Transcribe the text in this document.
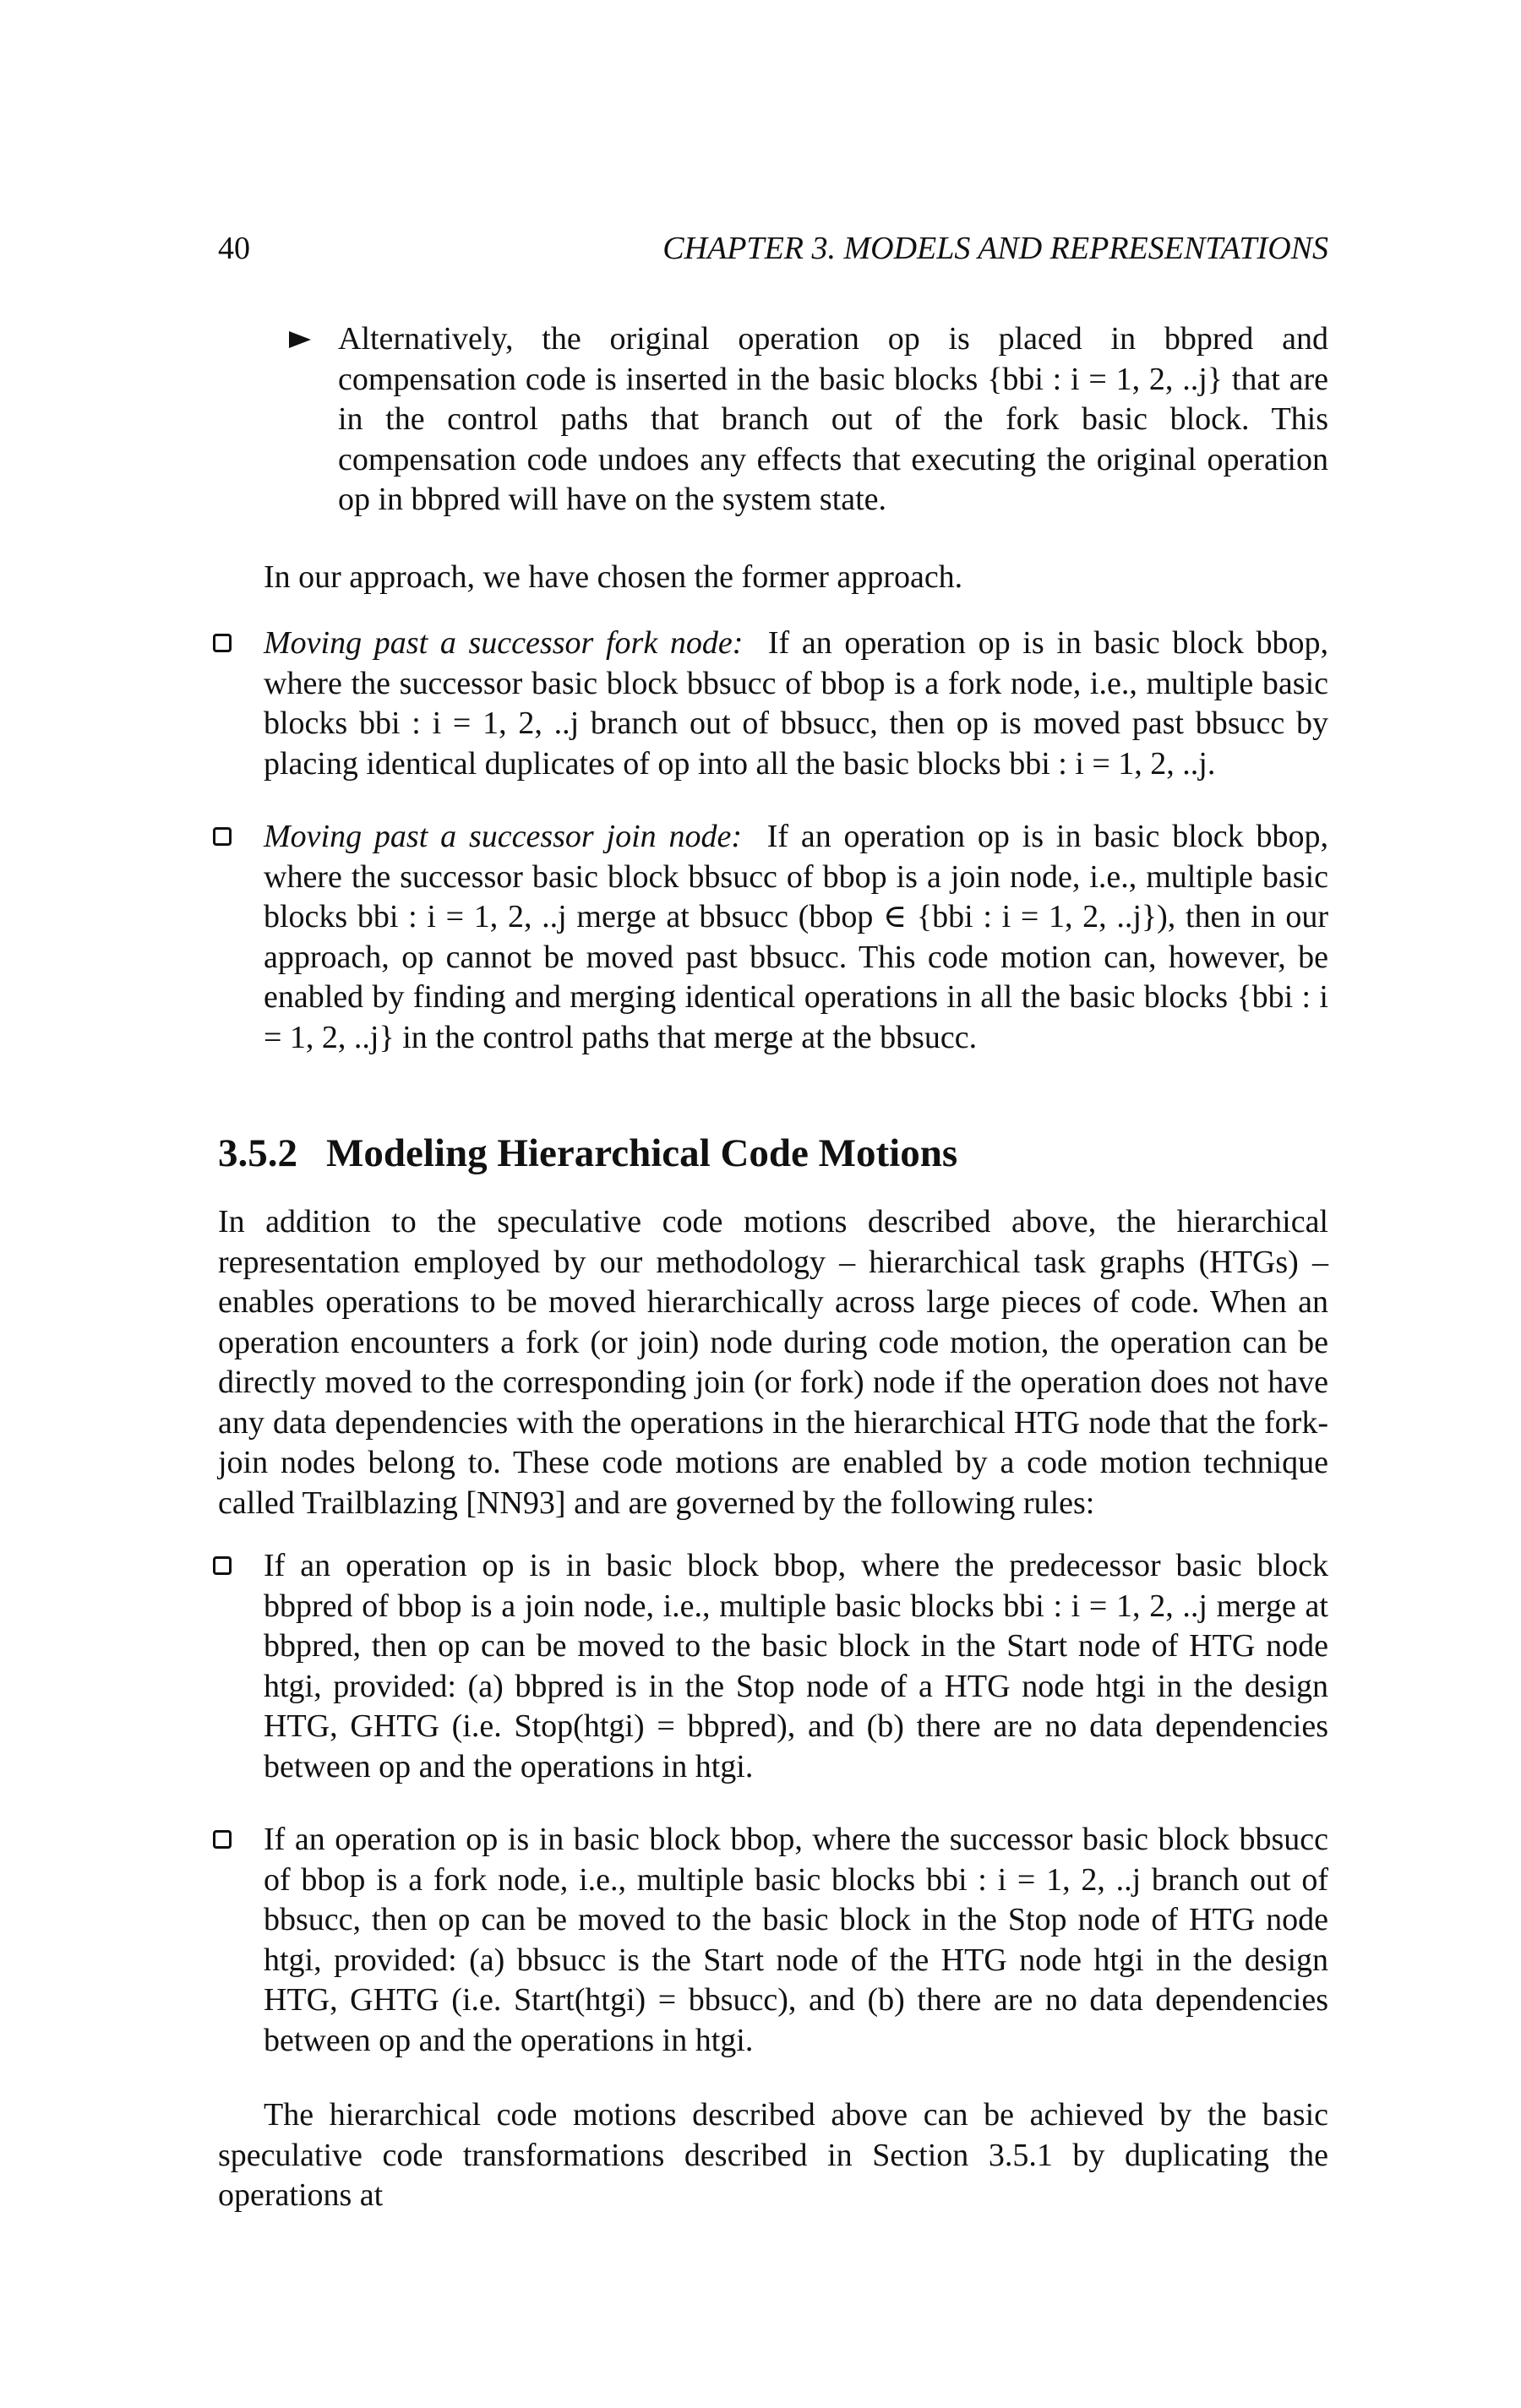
40	CHAPTER 3. MODELS AND REPRESENTATIONS

Alternatively, the original operation op is placed in bbpred and compensation code is inserted in the basic blocks {bbi : i = 1, 2, ..j} that are in the control paths that branch out of the fork basic block. This compensation code undoes any effects that executing the original operation op in bbpred will have on the system state.

In our approach, we have chosen the former approach.

Moving past a successor fork node: If an operation op is in basic block bbop, where the successor basic block bbsucc of bbop is a fork node, i.e., multiple basic blocks bbi : i = 1, 2, ..j branch out of bbsucc, then op is moved past bbsucc by placing identical duplicates of op into all the basic blocks bbi : i = 1, 2, ..j.

Moving past a successor join node: If an operation op is in basic block bbop, where the successor basic block bbsucc of bbop is a join node, i.e., multiple basic blocks bbi : i = 1, 2, ..j merge at bbsucc (bbop ∈ {bbi : i = 1, 2, ..j}), then in our approach, op cannot be moved past bbsucc. This code motion can, however, be enabled by finding and merging identical operations in all the basic blocks {bbi : i = 1, 2, ..j} in the control paths that merge at the bbsucc.

3.5.2 Modeling Hierarchical Code Motions

In addition to the speculative code motions described above, the hierarchical representation employed by our methodology – hierarchical task graphs (HTGs) – enables operations to be moved hierarchically across large pieces of code. When an operation encounters a fork (or join) node during code motion, the operation can be directly moved to the corresponding join (or fork) node if the operation does not have any data dependencies with the operations in the hierarchical HTG node that the fork-join nodes belong to. These code motions are enabled by a code motion technique called Trailblazing [NN93] and are governed by the following rules:

If an operation op is in basic block bbop, where the predecessor basic block bbpred of bbop is a join node, i.e., multiple basic blocks bbi : i = 1, 2, ..j merge at bbpred, then op can be moved to the basic block in the Start node of HTG node htgi, provided: (a) bbpred is in the Stop node of a HTG node htgi in the design HTG, GHTG (i.e. Stop(htgi) = bbpred), and (b) there are no data dependencies between op and the operations in htgi.

If an operation op is in basic block bbop, where the successor basic block bbsucc of bbop is a fork node, i.e., multiple basic blocks bbi : i = 1, 2, ..j branch out of bbsucc, then op can be moved to the basic block in the Stop node of HTG node htgi, provided: (a) bbsucc is the Start node of the HTG node htgi in the design HTG, GHTG (i.e. Start(htgi) = bbsucc), and (b) there are no data dependencies between op and the operations in htgi.

The hierarchical code motions described above can be achieved by the basic speculative code transformations described in Section 3.5.1 by duplicating the operations at
